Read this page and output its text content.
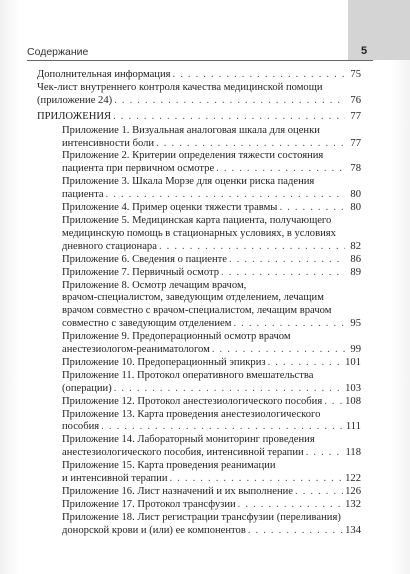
5
Содержание
Дополнительная информация . . .	75
Чек-лист внутреннего контроля качества медицинской помощи
(приложение 24) . . .	76
ПРИЛОЖЕНИЯ . . .	77
Приложение 1. Визуальная аналоговая шкала для оценки
интенсивности боли . . .	77
Приложение 2. Критерии определения тяжести состояния
пациента при первичном осмотре . . .	78
Приложение 3. Шкала Морзе для оценки риска падения
пациента . . .	80
Приложение 4. Пример оценки тяжести травмы . . .	80
Приложение 5. Медицинская карта пациента, получающего
медицинскую помощь в стационарных условиях, в условиях
дневного стационара . . .	82
Приложение 6. Сведения о пациенте . . .	86
Приложение 7. Первичный осмотр . . .	89
Приложение 8. Осмотр лечащим врачом,
врачом-специалистом, заведующим отделением, лечащим
врачом совместно с врачом-специалистом, лечащим врачом
совместно с заведующим отделением . . .	95
Приложение 9. Предоперационный осмотр врачом
анестезиологом-реаниматологом . . .	99
Приложение 10. Предоперационный эпикриз . . .	101
Приложение 11. Протокол оперативного вмешательства
(операции) . . .	103
Приложение 12. Протокол анестезиологического пособия . . . 108
Приложение 13. Карта проведения анестезиологического
пособия . . .	111
Приложение 14. Лабораторный мониторинг проведения
анестезиологического пособия, интенсивной терапии . . .	118
Приложение 15. Карта проведения реанимации
и интенсивной терапии . . .	122
Приложение 16. Лист назначений и их выполнение . . .	126
Приложение 17. Протокол трансфузии . . .	132
Приложение 18. Лист регистрации трансфузии (переливания)
донорской крови и (или) ее компонентов . . .	134
